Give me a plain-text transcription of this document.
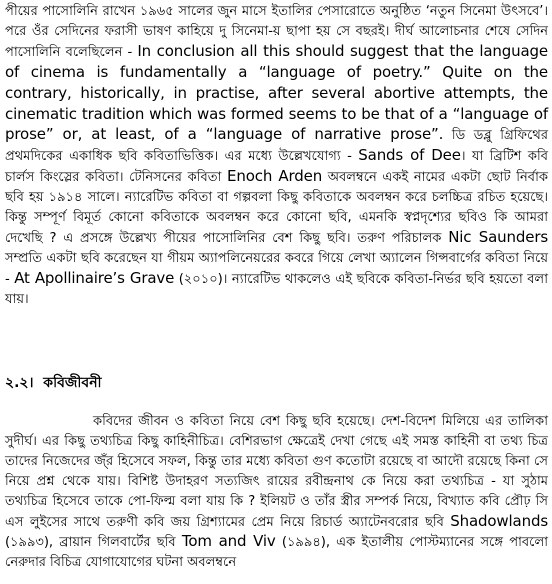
পীয়ের পাসোলিনি রাখেন ১৯৬৫ সালের জুন মাসে ইতালির পেসারোতে অনুষ্ঠিত ‘নতুন সিনেমা উৎসবে’। পরে ওঁর সেদিনের ফরাসী ভাষণ কাহিয়ে দু সিনেমা-য় ছাপা হয় সে বছরই। দীর্ঘ আলোচনার শেষে সেদিন পাসোলিনি বলেছিলেন - In conclusion all this should suggest that the language of cinema is fundamentally a “language of poetry.” Quite on the contrary, historically, in practise, after several abortive attempts, the cinematic tradition which was formed seems to be that of a “language of prose” or, at least, of a “language of narrative prose”. ডি ডব্লু গ্রিফিথের প্রথমদিকের একাধিক ছবি কবিতাভিত্তিক। এর মধ্যে উল্লেখযোগ্য - Sands of Dee। যা ব্রিটিশ কবি চার্লস কিংস্লের কবিতা। টেনিসনের কবিতা Enoch Arden অবলম্বনে একই নামের একটা ছোট নির্বাক ছবি হয় ১৯১৪ সালে। ন্যারেটিভ কবিতা বা গল্পবলা কিছু কবিতাকে অবলম্বন করে চলচ্চিত্র রচিত হয়েছে। কিন্তু সম্পূর্ণ বিমূর্ত কোনো কবিতাকে অবলম্বন করে কোনো ছবি, এমনকি স্বপ্নদৃশ্যের ছবিও কি আমরা দেখেছি ? এ প্রসঙ্গে উল্লেখ্য পীয়ের পাসোলিনির বেশ কিছু ছবি। তরুণ পরিচালক Nic Saunders সম্প্রতি একটা ছবি করেছেন যা গীয়ম অ্যাপলিনেয়রের কবরে গিয়ে লেখা অ্যালেন গিন্সবার্গের কবিতা নিয়ে - At Apollinaire’s Grave (২০১০)। ন্যারেটিভ থাকলেও এই ছবিকে কবিতা-নির্ভর ছবি হয়তো বলা যায়।

২.২। কবিজীবনী

কবিদের জীবন ও কবিতা নিয়ে বেশ কিছু ছবি হয়েছে। দেশ-বিদেশ মিলিয়ে এর তালিকা সুদীর্ঘ। এর কিছু তথ্যচিত্র কিছু কাহিনীচিত্র। বেশিরভাগ ক্ষেত্রেই দেখা গেছে এই সমস্ত কাহিনী বা তথ্য চিত্র তাদের নিজেদের জ্ঁর হিসেবে সফল, কিন্তু তার মধ্যে কবিতা গুণ কতোটা রয়েছে বা আদৌ রয়েছে কিনা সে নিয়ে প্রশ্ন থেকে যায়। বিশিষ্ট উদাহরণ সত্যজিৎ রায়ের রবীন্দ্রনাথ কে নিয়ে করা তথ্যচিত্র - যা সুঠাম তথ্যচিত্র হিসেবে তাকে পো-ফিল্ম বলা যায় কি ? ইলিয়ট ও তাঁর স্ত্রীর সম্পর্ক নিয়ে, বিখ্যাত কবি প্রৌঢ় সি এস লুইসের সাথে তরুণী কবি জয় গ্রিশ্যামের প্রেম নিয়ে রিচার্ড অ্যাটেনবরোর ছবি Shadowlands (১৯৯৩), ব্রায়ান গিলবার্টের ছবি Tom and Viv (১৯৯৪), এক ইতালীয় পোস্টম্যানের সঙ্গে পাবলো নেরুদার বিচিত্র যোগাযোগের ঘটনা অবলম্বনে
